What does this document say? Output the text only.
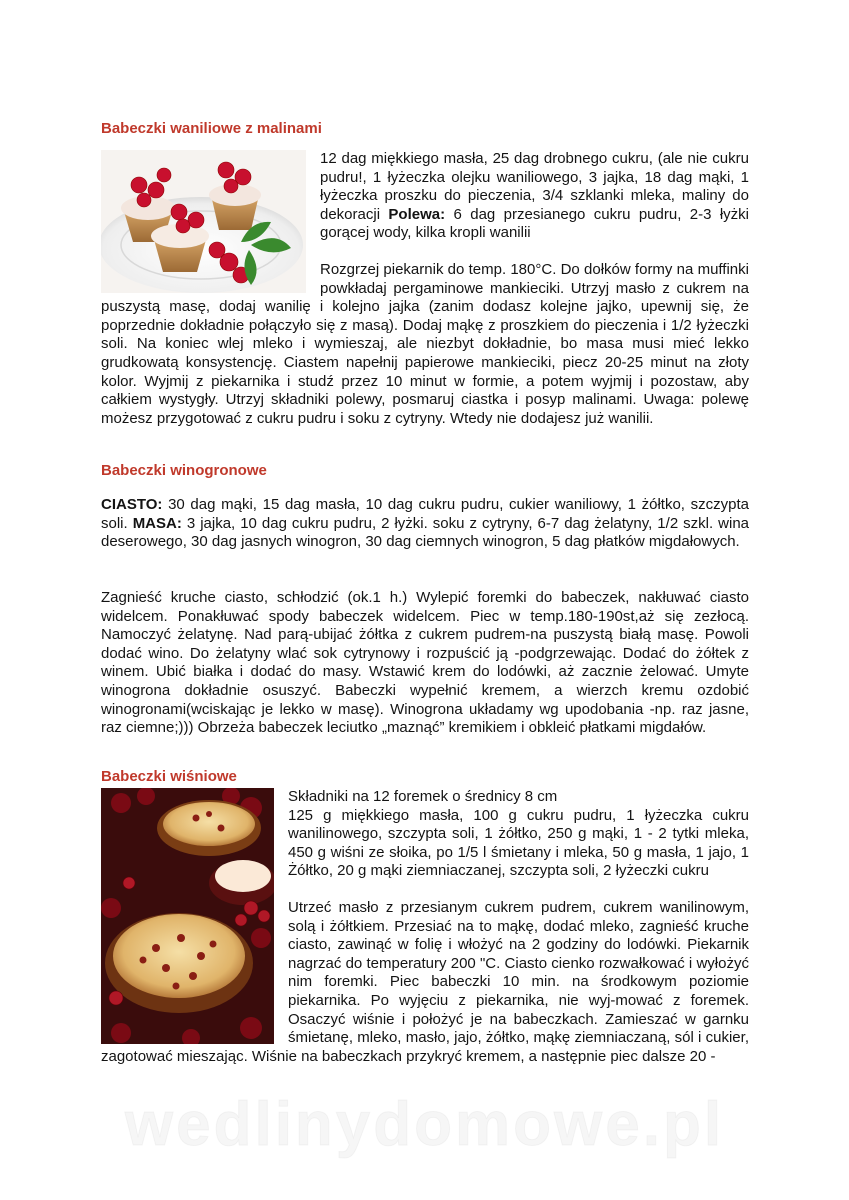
Babeczki waniliowe z malinami

12 dag miękkiego masła, 25 dag drobnego cukru, (ale nie cukru pudru!, 1 łyżeczka olejku waniliowego, 3 jajka, 18 dag mąki, 1 łyżeczka proszku do pieczenia, 3/4 szklanki mleka, maliny do dekoracji Polewa: 6 dag przesianego cukru pudru, 2-3 łyżki gorącej wody, kilka kropli wanilii

Rozgrzej piekarnik do temp. 180°C. Do dołków formy na muffinki powkładaj pergaminowe mankieciki. Utrzyj masło z cukrem na puszystą masę, dodaj wanilię i kolejno jajka (zanim dodasz kolejne jajko, upewnij się, że poprzednie dokładnie połączyło się z masą). Dodaj mąkę z proszkiem do pieczenia i 1/2 łyżeczki soli. Na koniec wlej mleko i wymieszaj, ale niezbyt dokładnie, bo masa musi mieć lekko grudkowatą konsystencję. Ciastem napełnij papierowe mankieciki, piecz 20-25 minut na złoty kolor. Wyjmij z piekarnika i studź przez 10 minut w formie, a potem wyjmij i pozostaw, aby całkiem wystygły. Utrzyj składniki polewy, posmaruj ciastka i posyp malinami. Uwaga: polewę możesz przygotować z cukru pudru i soku z cytryny. Wtedy nie dodajesz już wanilii.

Babeczki winogronowe

CIASTO: 30 dag mąki, 15 dag masła, 10 dag cukru pudru, cukier waniliowy, 1 żółtko, szczypta soli. MASA: 3 jajka, 10 dag cukru pudru, 2 łyżki. soku z cytryny, 6-7 dag żelatyny, 1/2 szkl. wina deserowego, 30 dag jasnych winogron, 30 dag ciemnych winogron, 5 dag płatków migdałowych.

Zagnieść kruche ciasto, schłodzić (ok.1 h.) Wylepić foremki do babeczek, nakłuwać ciasto widelcem. Ponakłuwać spody babeczek widelcem. Piec w temp.180-190st,aż się zezłocą. Namoczyć żelatynę. Nad parą-ubijać żółtka z cukrem pudrem-na puszystą białą masę. Powoli dodać wino. Do żelatyny wlać sok cytrynowy i rozpuścić ją -podgrzewając. Dodać do żółtek z winem. Ubić białka i dodać do masy. Wstawić krem do lodówki, aż zacznie żelować. Umyte winogrona dokładnie osuszyć. Babeczki wypełnić kremem, a wierzch kremu ozdobić winogronami(wciskając je lekko w masę). Winogrona układamy wg upodobania -np. raz jasne, raz ciemne;))) Obrzeża babeczek leciutko „maznąć” kremikiem i obkleić płatkami migdałów.

Babeczki wiśniowe

Składniki na 12 foremek o średnicy 8 cm

125 g miękkiego masła, 100 g cukru pudru, 1 łyżeczka cukru wanilinowego, szczypta soli, 1 żółtko, 250 g mąki, 1 - 2 tytki mleka, 450 g wiśni ze słoika, po 1/5 l śmietany i mleka, 50 g masła, 1 jajo, 1 Żółtko, 20 g mąki ziemniaczanej, szczypta soli, 2 łyżeczki cukru

Utrzeć masło z przesianym cukrem pudrem, cukrem wanilinowym, solą i żółtkiem. Przesiać na to mąkę, dodać mleko, zagnieść kruche ciasto, zawinąć w folię i włożyć na 2 godziny do lodówki. Piekarnik nagrzać do temperatury 200 "C. Ciasto cienko rozwałkować i wyłożyć nim foremki. Piec babeczki 10 min. na środkowym poziomie piekarnika. Po wyjęciu z piekarnika, nie wyj-mować z foremek. Osaczyć wiśnie i położyć je na babeczkach. Zamieszać w garnku śmietanę, mleko, masło, jajo, żółtko, mąkę ziemniaczaną, sól i cukier, zagotować mieszając. Wiśnie na babeczkach przykryć kremem, a następnie piec dalsze 20 -

wedlinydomowe.pl
